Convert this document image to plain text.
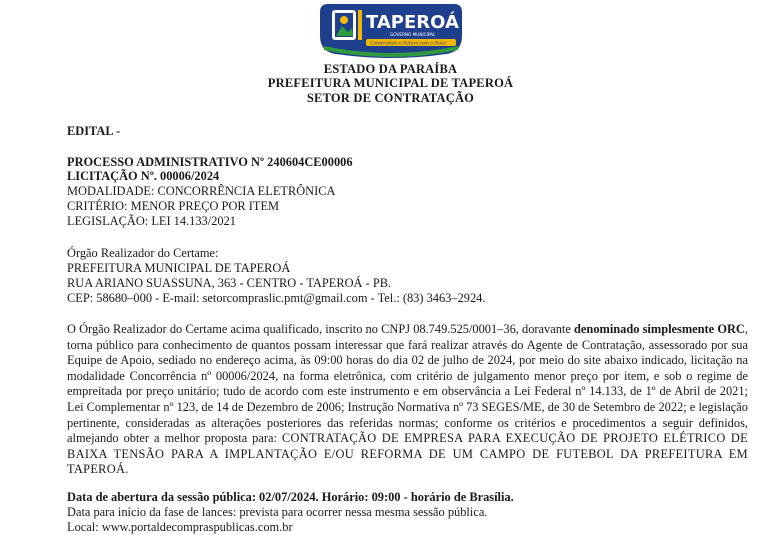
TAPEROÁ
GOVERNO MUNICIPAL
Construindo o Futuro com o Povo!
ESTADO DA PARAÍBA
PREFEITURA MUNICIPAL DE TAPEROÁ
SETOR DE CONTRATAÇÃO
EDITAL -
PROCESSO ADMINISTRATIVO Nº 240604CE00006
LICITAÇÃO Nº. 00006/2024
MODALIDADE: CONCORRÊNCIA ELETRÔNICA
CRITÉRIO: MENOR PREÇO POR ITEM
LEGISLAÇÃO: LEI 14.133/2021
Órgão Realizador do Certame:
PREFEITURA MUNICIPAL DE TAPEROÁ
RUA ARIANO SUASSUNA, 363 - CENTRO - TAPEROÁ - PB.
CEP: 58680–000 - E-mail: setorcompraslic.pmt@gmail.com - Tel.: (83) 3463–2924.

O Órgão Realizador do Certame acima qualificado, inscrito no CNPJ 08.749.525/0001–36, doravante denominado simplesmente ORC, torna público para conhecimento de quantos possam interessar que fará realizar através do Agente de Contratação, assessorado por sua Equipe de Apoio, sediado no endereço acima, às 09:00 horas do dia 02 de julho de 2024, por meio do site abaixo indicado, licitação na modalidade Concorrência nº 00006/2024, na forma eletrônica, com critério de julgamento menor preço por item, e sob o regime de empreitada por preço unitário; tudo de acordo com este instrumento e em observância a Lei Federal nº 14.133, de 1º de Abril de 2021; Lei Complementar nº 123, de 14 de Dezembro de 2006; Instrução Normativa nº 73 SEGES/ME, de 30 de Setembro de 2022; e legislação pertinente, consideradas as alterações posteriores das referidas normas; conforme os critérios e procedimentos a seguir definidos, almejando obter a melhor proposta para: CONTRATAÇÃO DE EMPRESA PARA EXECUÇÃO DE PROJETO ELÉTRICO DE BAIXA TENSÃO PARA A IMPLANTAÇÃO E/OU REFORMA DE UM CAMPO DE FUTEBOL DA PREFEITURA EM TAPEROÁ.

Data de abertura da sessão pública: 02/07/2024. Horário: 09:00 - horário de Brasília.
Data para início da fase de lances: prevista para ocorrer nessa mesma sessão pública.
Local: www.portaldecompraspublicas.com.br
